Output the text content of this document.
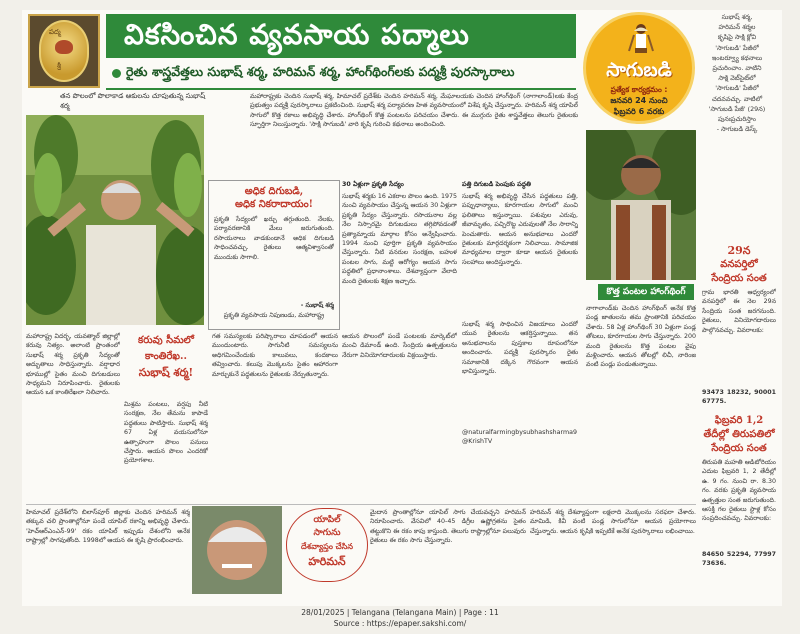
పద్మ
శ్రీ
వికసించిన వ్యవసాయ పద్మాలు
రైతు శాస్త్రవేత్తలు సుభాష్ శర్మ, హరిమన్ శర్మ, హాంగ్‌థింగ్‌లకు పద్మశ్రీ పురస్కారాలు	సాగుబడి
ప్రత్యేక కార్యక్రమం :
జనవరి 24 నుంచి
ఫిబ్రవరి 6 వరకు

సుభాష్ శర్మ,

హరిమన్ శర్మల

కృషిపై సాక్షి క్లోవి

'సాగుబడి' పేజీలో

ఇంటర్వ్యూ కథనాలు

ప్రచురించాం. వాటిని

సాక్షి వెబ్‌సైట్‌లో

'సాగుబడి' పేజీలో

చదవవచ్చు. వాటిలో

'సాగుబడి పేజీ' (29న)

పునఃప్రచురిస్తాం

- సాగుబడి డెస్క్

మహారాష్ట్రకు చెందిన సుభాష్ శర్మ, హిమాచల్ ప్రదేశ్‌కు చెందిన హరిమన్ శర్మ, మేఘాలయకు చెందిన హాంగ్‌థింగ్ (నాగాలాండ్)లకు కేంద్ర ప్రభుత్వం పద్మశ్రీ పురస్కారాలు ప్రకటించింది. సుభాష్ శర్మ పర్యావరణ హిత వ్యవసాయంలో విశేష కృషి చేస్తున్నారు. హరిమన్ శర్మ యాపిల్ సాగులో కొత్త రకాలు అభివృద్ధి చేశారు. హాంగ్‌థింగ్ కొత్త పంటలను పరిచయం చేశారు. ఈ ముగ్గురు రైతు శాస్త్రవేత్తలు తెలుగు రైతులకు స్ఫూర్తిగా నిలుస్తున్నారు. 'సాక్షి సాగుబడి' వారి కృషి గురించి కథనాలు అందించింది.
తన పొలంలో పొలాకాడ ఆకులను చూపుతున్న సుభాష్ శర్మ
అధిక దిగుబడి,
అధిక నికరాదాయం!
ప్రకృతి సేద్యంలో ఖర్చు తగ్గుతుంది. నేలకు, పర్యావరణానికి మేలు జరుగుతుంది. రసాయనాలు వాడకుండానే అధిక దిగుబడి సాధించవచ్చు. రైతులు ఆత్మవిశ్వాసంతో ముందుకు సాగాలి.
- సుభాష్ శర్మ
ప్రకృతి వ్యవసాయ నిపుణుడు, మహారాష్ట్ర
30 ఏళ్లుగా ప్రకృతి సేద్యం
సుభాష్ శర్మకు 16 ఎకరాల పొలం ఉంది. 1975 నుంచి వ్యవసాయం చేస్తున్న ఆయన 30 ఏళ్లుగా ప్రకృతి సేద్యం చేస్తున్నారు. రసాయనాల వల్ల నేల నిస్సారమై దిగుబడులు తగ్గిపోవడంతో ప్రత్యామ్నాయ మార్గాల కోసం అన్వేషించారు. 1994 నుంచి పూర్తిగా ప్రకృతి వ్యవసాయం చేస్తున్నారు. నీటి వనరుల సంరక్షణ, బహుళ పంటల సాగు, మట్టి ఆరోగ్యం ఆయన సాగు పద్ధతిలో ప్రధానాంశాలు. దేశవ్యాప్తంగా వేలాది మంది రైతులకు శిక్షణ ఇచ్చారు.
పత్తి దిగుబడి పెంపుకు పద్ధతి
సుభాష్ శర్మ అభివృద్ధి చేసిన పద్ధతులు పత్తి, పప్పుధాన్యాలు, కూరగాయల సాగులో మంచి ఫలితాలు ఇస్తున్నాయి. పశువుల ఎరువు, జీవామృతం, పచ్చిరొట్ట ఎరువులతో నేల సారాన్ని పెంచుతారు. ఆయన అనుభవాలు ఎందరో రైతులకు మార్గదర్శకంగా నిలిచాయి. సామాజిక మాధ్యమాల ద్వారా కూడా ఆయన రైతులకు సలహాలు అందిస్తున్నారు.
@naturalfarmingbysubhashsharma9 @KrishTV
కొత్త పంటల హాంగ్‌థింగ్
నాగాలాండ్‌కు చెందిన హాంగ్‌థింగ్ అనేక కొత్త పండ్ల జాతులను తమ ప్రాంతానికి పరిచయం చేశారు. 58 ఏళ్ల హాంగ్‌థింగ్ 30 ఏళ్లుగా పండ్ల తోటలు, కూరగాయల సాగు చేస్తున్నారు. 200 మంది రైతులను కొత్త పంటల వైపు మళ్లించారు. ఆయన తోటల్లో లిచీ, నారింజ వంటి పండ్లు పండుతున్నాయి.
29న
వనపర్తిలో
సేంద్రియ సంత
గ్రామ భారతి ఆధ్వర్యంలో వనపర్తిలో ఈ నెల 29న సేంద్రియ సంత జరగనుంది. రైతులు, వినియోగదారులు పాల్గొనవచ్చు. వివరాలకు:
93473 18232, 90001 67775.
ఫిబ్రవరి 1,2
తేదీల్లో తిరుపతిలో
సేంద్రియ సంత
తిరుపతి మహతి ఆడిటోరియం ఎదుట ఫిబ్రవరి 1, 2 తేదీల్లో ఉ. 9 గం. నుంచి రా. 8.30 గం. వరకు ప్రకృతి వ్యవసాయ ఉత్పత్తుల సంత జరుగుతుంది. ఆసక్తి గల రైతులు స్టాళ్ల కోసం సంప్రదించవచ్చు. వివరాలకు:
84650 52294, 77997 73636.
కరువు సీమలో
కాంతిరేఖ..
సుభాష్ శర్మ!
మహారాష్ట్ర విదర్భ, యవత్మాల్ జిల్లాల్లో కరువు నిత్యం. అలాంటి ప్రాంతంలో సుభాష్ శర్మ ప్రకృతి సేద్యంతో అద్భుతాలు సాధిస్తున్నారు. వర్షాధార భూముల్లో సైతం మంచి దిగుబడులు సాధ్యమని నిరూపించారు. రైతులకు ఆయన ఒక కాంతిరేఖలా నిలిచారు.
మిశ్రమ పంటలు, వర్షపు నీటి సంరక్షణ, నేల తేమను కాపాడే పద్ధతులు పాటిస్తారు. సుభాష్ శర్మ 67 ఏళ్ల వయసులోనూ ఉత్సాహంగా పొలం పనులు చేస్తారు. ఆయన పొలం ఎందరికో ప్రయోగశాల.
గత సమస్యలకు పరిష్కారాలు చూపడంలో ఆయన ముందుంటారు. సాగునీటి సమస్యలను అధిగమించేందుకు కాలువలు, కందకాలు తవ్వించారు. కలుపు మొక్కలను సైతం ఆహారంగా మార్చుకునే పద్ధతులను రైతులకు నేర్పుతున్నారు.
ఆయన పొలంలో పండే పంటలకు మార్కెట్‌లో మంచి డిమాండ్ ఉంది. సేంద్రియ ఉత్పత్తులను నేరుగా వినియోగదారులకు విక్రయిస్తారు.
సుభాష్ శర్మ సాధించిన విజయాలు ఎందరో యువ రైతులను ఆకర్షిస్తున్నాయి. తన అనుభవాలను పుస్తకాల రూపంలోనూ అందించారు. పద్మశ్రీ పురస్కారం రైతు సమాజానికి దక్కిన గౌరవంగా ఆయన భావిస్తున్నారు.
హిమాచల్ ప్రదేశ్‌లోని బిలాస్‌పూర్ జిల్లాకు చెందిన హరిమన్ శర్మ తక్కువ చలి ప్రాంతాల్లోనూ పండే యాపిల్ రకాన్ని అభివృద్ధి చేశారు. 'హెచ్‌ఆర్‌ఎంఎన్-99' రకం యాపిల్ ఇప్పుడు దేశంలోని అనేక రాష్ట్రాల్లో సాగవుతోంది. 1998లో ఆయన ఈ కృషి ప్రారంభించారు.
యాపిల్
సాగును
దేశవ్యాప్తం చేసిన
హరిమన్
మైదాన ప్రాంతాల్లోనూ యాపిల్ సాగు చేయవచ్చని హరిమన్ నిరూపించారు. వేసవిలో 40-45 డిగ్రీల ఉష్ణోగ్రతను సైతం తట్టుకొని ఈ రకం కాపు కాస్తుంది. తెలుగు రాష్ట్రాల్లోనూ పలువురు రైతులు ఈ రకం సాగు చేస్తున్నారు.
హరిమన్ శర్మ దేశవ్యాప్తంగా లక్షలాది మొక్కలను సరఫరా చేశారు. మామిడి, కివీ వంటి పండ్ల సాగులోనూ ఆయన ప్రయోగాలు చేస్తున్నారు. ఆయన కృషికి ఇప్పటికే అనేక పురస్కారాలు లభించాయి.
28/01/2025 | Telangana (Telangana Main) | Page : 11
Source : https://epaper.sakshi.com/
